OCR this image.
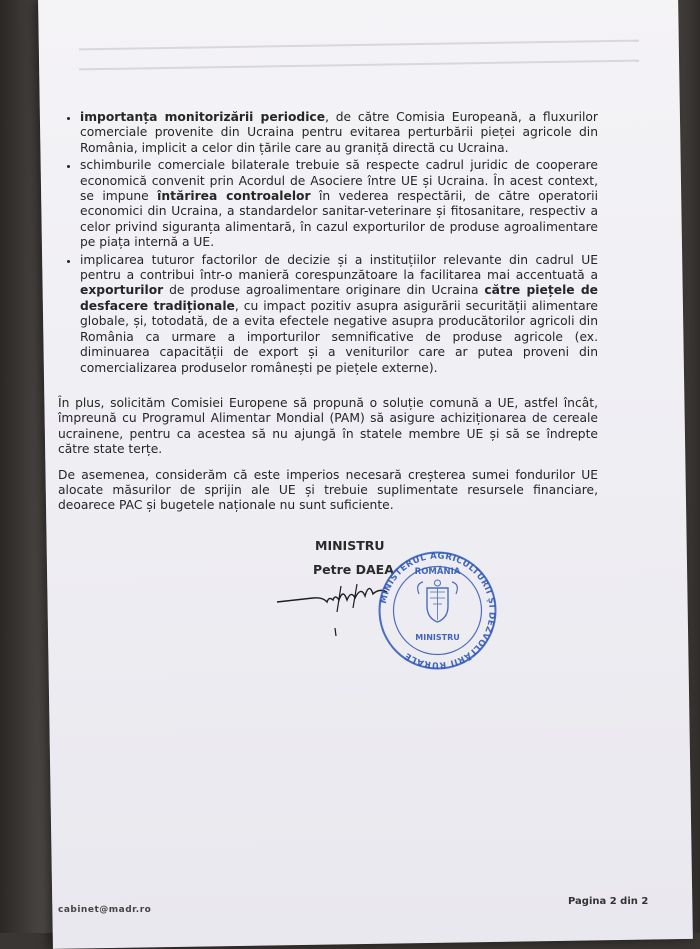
• importanța monitorizării periodice, de către Comisia Europeană, a fluxurilor comerciale provenite din Ucraina pentru evitarea perturbării pieței agricole din România, implicit a celor din țările care au graniță directă cu Ucraina.
• schimburile comerciale bilaterale trebuie să respecte cadrul juridic de cooperare economică convenit prin Acordul de Asociere între UE și Ucraina. În acest context, se impune întărirea controalelor în vederea respectării, de către operatorii economici din Ucraina, a standardelor sanitar-veterinare și fitosanitare, respectiv a celor privind siguranța alimentară, în cazul exporturilor de produse agroalimentare pe piața internă a UE.
• implicarea tuturor factorilor de decizie și a instituțiilor relevante din cadrul UE pentru a contribui într-o manieră corespunzătoare la facilitarea mai accentuată a exporturilor de produse agroalimentare originare din Ucraina către piețele de desfacere tradiționale, cu impact pozitiv asupra asigurării securității alimentare globale, și, totodată, de a evita efectele negative asupra producătorilor agricoli din România ca urmare a importurilor semnificative de produse agricole (ex. diminuarea capacității de export și a veniturilor care ar putea proveni din comercializarea produselor românești pe piețele externe).

În plus, solicităm Comisiei Europene să propună o soluție comună a UE, astfel încât, împreună cu Programul Alimentar Mondial (PAM) să asigure achiziționarea de cereale ucrainene, pentru ca acestea să nu ajungă în statele membre UE și să se îndrepte către state terțe.

De asemenea, considerăm că este imperios necesară creșterea sumei fondurilor UE alocate măsurilor de sprijin ale UE și trebuie suplimentate resursele financiare, deoarece PAC și bugetele naționale nu sunt suficiente.

MINISTRU
Petre DAEA
MINISTERUL AGRICULTURII ȘI DEZVOLTĂRII RURALE
ROMÂNIA
MINISTRU
cabinet@madr.ro
Pagina 2 din 2
